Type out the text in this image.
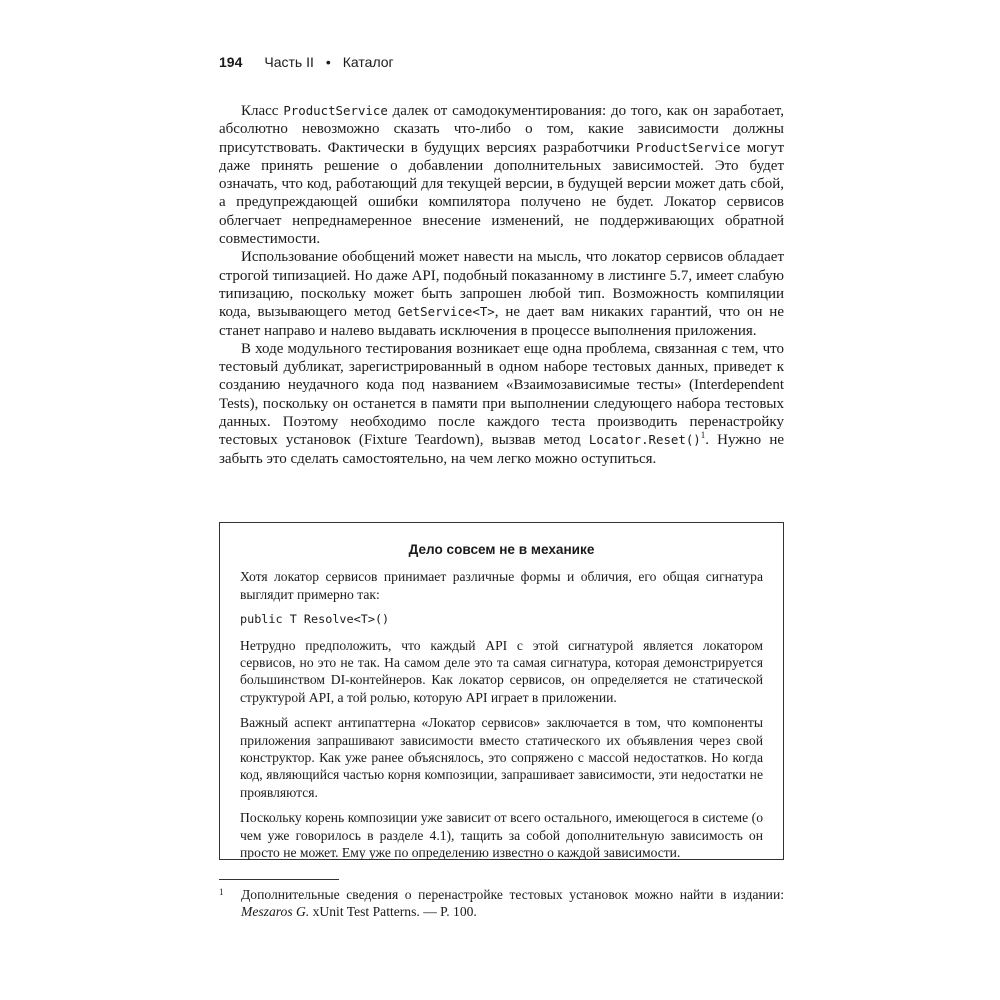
194 Часть II • Каталог

Класс ProductService далек от самодокументирования: до того, как он заработает, абсолютно невозможно сказать что-либо о том, какие зависимости должны присутствовать. Фактически в будущих версиях разработчики ProductService могут даже принять решение о добавлении дополнительных зависимостей. Это будет означать, что код, работающий для текущей версии, в будущей версии может дать сбой, а предупреждающей ошибки компилятора получено не будет. Локатор сервисов облегчает непреднамеренное внесение изменений, не поддерживающих обратной совместимости.

Использование обобщений может навести на мысль, что локатор сервисов обладает строгой типизацией. Но даже API, подобный показанному в листинге 5.7, имеет слабую типизацию, поскольку может быть запрошен любой тип. Возможность компиляции кода, вызывающего метод GetService<T>, не дает вам никаких гарантий, что он не станет направо и налево выдавать исключения в процессе выполнения приложения.

В ходе модульного тестирования возникает еще одна проблема, связанная с тем, что тестовый дубликат, зарегистрированный в одном наборе тестовых данных, приведет к созданию неудачного кода под названием «Взаимозависимые тесты» (Interdependent Tests), поскольку он останется в памяти при выполнении следующего набора тестовых данных. Поэтому необходимо после каждого теста производить перенастройку тестовых установок (Fixture Teardown), вызвав метод Locator.Reset()$^1$. Нужно не забыть это сделать самостоятельно, на чем легко можно оступиться.

Дело совсем не в механике

Хотя локатор сервисов принимает различные формы и обличия, его общая сигнатура выглядит примерно так:

public T Resolve<T>()

Нетрудно предположить, что каждый API с этой сигнатурой является локатором сервисов, но это не так. На самом деле это та самая сигнатура, которая демонстрируется большинством DI-контейнеров. Как локатор сервисов, он определяется не статической структурой API, а той ролью, которую API играет в приложении.

Важный аспект антипаттерна «Локатор сервисов» заключается в том, что компоненты приложения запрашивают зависимости вместо статического их объявления через свой конструктор. Как уже ранее объяснялось, это сопряжено с массой недостатков. Но когда код, являющийся частью корня композиции, запрашивает зависимости, эти недостатки не проявляются.

Поскольку корень композиции уже зависит от всего остального, имеющегося в системе (о чем уже говорилось в разделе 4.1), тащить за собой дополнительную зависимость он просто не может. Ему уже по определению известно о каждой зависимости.

1 Дополнительные сведения о перенастройке тестовых установок можно найти в издании: Meszaros G. xUnit Test Patterns. — P. 100.
